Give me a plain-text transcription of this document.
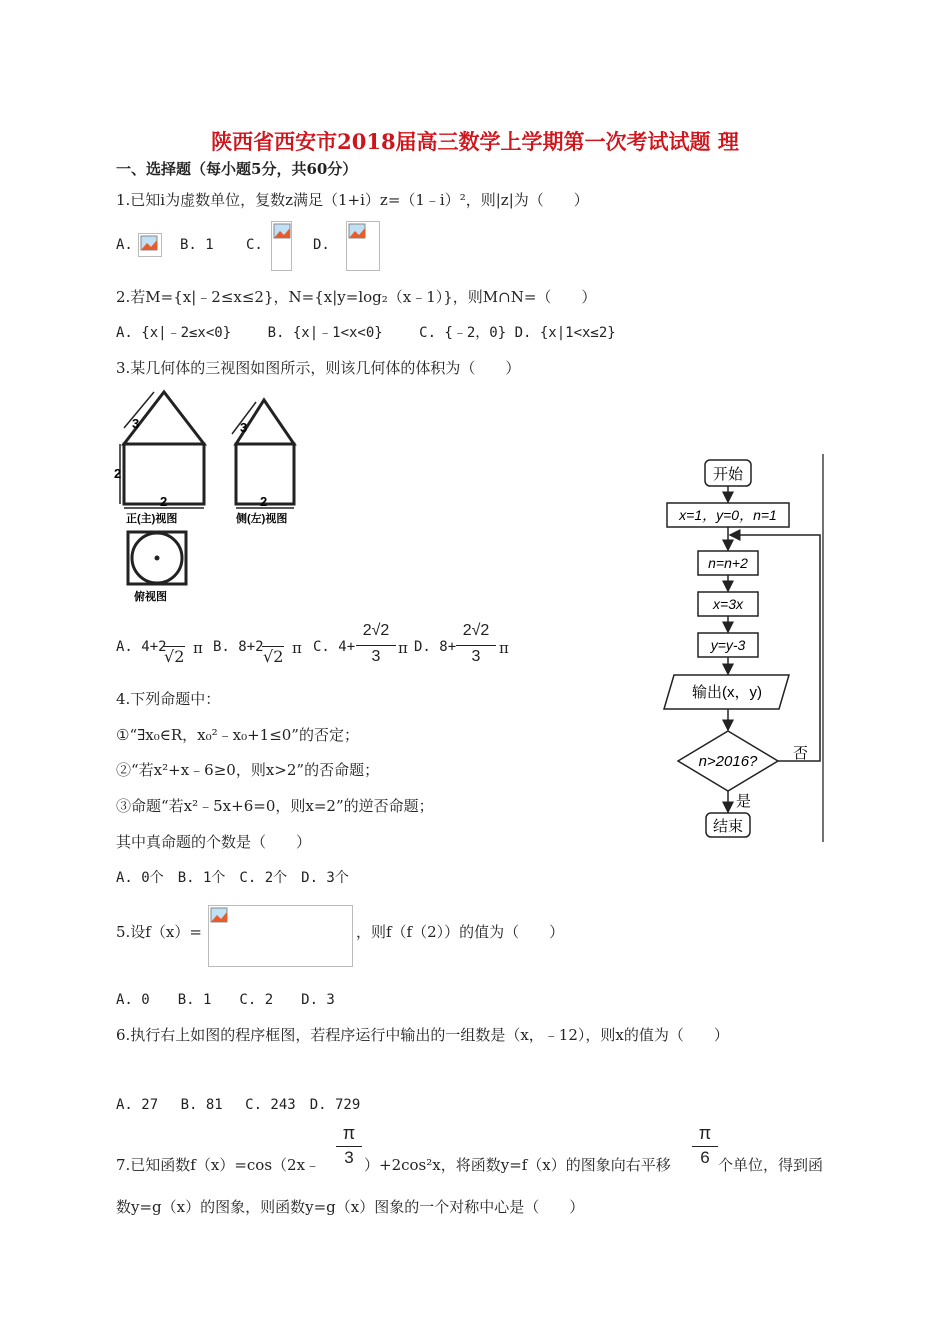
陕西省西安市2018届高三数学上学期第一次考试试题 理
一、选择题（每小题5分，共60分）
1.已知i为虚数单位，复数z满足（1+i）z=（1﹣i）²，则|z|为（　　）
A.	B. 1 C.	D.
2.若M={x|﹣2≤x≤2}，N={x|y=log₂（x﹣1）}，则M∩N=（　　）
A. {x|﹣2≤x<0}　　 B. {x|﹣1<x<0}　　 C. {﹣2，0} D. {x|1<x≤2}
3.某几何体的三视图如图所示，则该几何体的体积为（　　）
3
2
2
正(主)视图
3
2
侧(左)视图
俯视图
A. 4+2
√2 π B. 8+2 √2 π C. 4+
2√2
3	π D. 8+
2√2
3	π
4.下列命题中：
①“∃x₀∈R，x₀²﹣x₀+1≤0”的否定；
②“若x²+x﹣6≥0，则x>2”的否命题；
③命题“若x²﹣5x+6=0，则x=2”的逆否命题；
其中真命题的个数是（　　）
A. 0个　B. 1个　C. 2个　D. 3个
5.设f（x）=	，则f（f（2））的值为（　　）
A. 0　　B. 1　　C. 2　　D. 3
6.执行右上如图的程序框图，若程序运行中输出的一组数是（x，﹣12），则x的值为（　　）
A. 27　 B. 81　 C. 243　D. 729
π
3
7.已知函数f（x）=cos（2x﹣	）+2cos²x，将函数y=f（x）的图象向右平移
π
6 个单位，得到函
数y=g（x）的图象，则函数y=g（x）图象的一个对称中心是（　　）
开始
x=1，y=0，n=1
n=n+2
x=3x
y=y-3
输出(x，y)
n>2016? 否
是
结束
